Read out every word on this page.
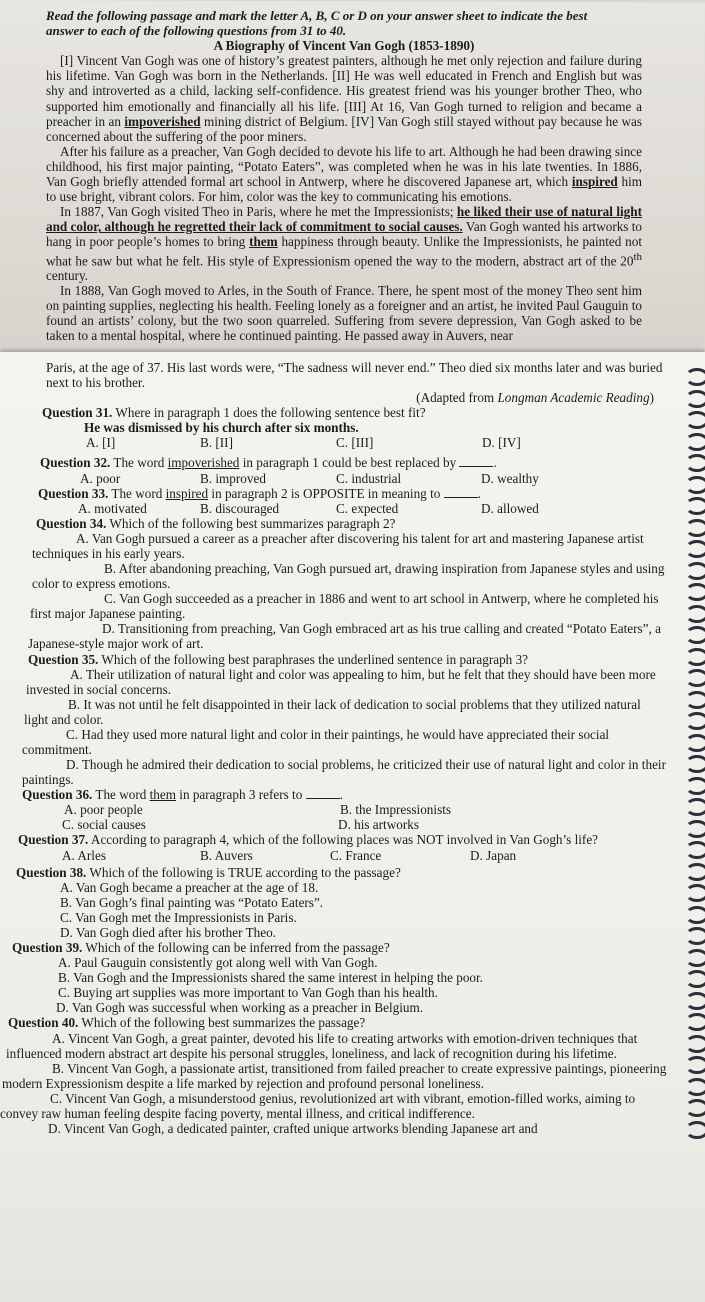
Read the following passage and mark the letter A, B, C or D on your answer sheet to indicate the best

answer to each of the following questions from 31 to 40.

A Biography of Vincent Van Gogh (1853-1890)

[I] Vincent Van Gogh was one of history’s greatest painters, although he met only rejection and failure during his lifetime. Van Gogh was born in the Netherlands. [II] He was well educated in French and English but was shy and introverted as a child, lacking self-confidence. His greatest friend was his younger brother Theo, who supported him emotionally and financially all his life. [III] At 16, Van Gogh turned to religion and became a preacher in an impoverished mining district of Belgium. [IV] Van Gogh still stayed without pay because he was concerned about the suffering of the poor miners.

After his failure as a preacher, Van Gogh decided to devote his life to art. Although he had been drawing since childhood, his first major painting, “Potato Eaters”, was completed when he was in his late twenties. In 1886, Van Gogh briefly attended formal art school in Antwerp, where he discovered Japanese art, which inspired him to use bright, vibrant colors. For him, color was the key to communicating his emotions.

In 1887, Van Gogh visited Theo in Paris, where he met the Impressionists; he liked their use of natural light and color, although he regretted their lack of commitment to social causes. Van Gogh wanted his artworks to hang in poor people’s homes to bring them happiness through beauty. Unlike the Impressionists, he painted not what he saw but what he felt. His style of Expressionism opened the way to the modern, abstract art of the 20th century.

In 1888, Van Gogh moved to Arles, in the South of France. There, he spent most of the money Theo sent him on painting supplies, neglecting his health. Feeling lonely as a foreigner and an artist, he invited Paul Gauguin to found an artists’ colony, but the two soon quarreled. Suffering from severe depression, Van Gogh asked to be taken to a mental hospital, where he continued painting. He passed away in Auvers, near

Paris, at the age of 37. His last words were, “The sadness will never end.” Theo died six months later and was buried next to his brother.

(Adapted from Longman Academic Reading)

Question 31. Where in paragraph 1 does the following sentence best fit?

He was dismissed by his church after six months.

A. [I]	B. [II]	C. [III]	D. [IV]

Question 32. The word impoverished in paragraph 1 could be best replaced by	.

A. poor	B. improved	C. industrial	D. wealthy

Question 33. The word inspired in paragraph 2 is OPPOSITE in meaning to	.

A. motivated	B. discouraged	C. expected	D. allowed

Question 34. Which of the following best summarizes paragraph 2?

A. Van Gogh pursued a career as a preacher after discovering his talent for art and mastering Japanese artist techniques in his early years.

B. After abandoning preaching, Van Gogh pursued art, drawing inspiration from Japanese styles and using color to express emotions.

C. Van Gogh succeeded as a preacher in 1886 and went to art school in Antwerp, where he completed his first major Japanese painting.

D. Transitioning from preaching, Van Gogh embraced art as his true calling and created “Potato Eaters”, a Japanese-style major work of art.

Question 35. Which of the following best paraphrases the underlined sentence in paragraph 3?

A. Their utilization of natural light and color was appealing to him, but he felt that they should have been more invested in social concerns.

B. It was not until he felt disappointed in their lack of dedication to social problems that they utilized natural light and color.

C. Had they used more natural light and color in their paintings, he would have appreciated their social commitment.

D. Though he admired their dedication to social problems, he criticized their use of natural light and color in their paintings.

Question 36. The word them in paragraph 3 refers to	.

A. poor people	B. the Impressionists
C. social causes	D. his artworks

Question 37. According to paragraph 4, which of the following places was NOT involved in Van Gogh’s life?

A. Arles	B. Auvers	C. France	D. Japan

Question 38. Which of the following is TRUE according to the passage?

A. Van Gogh became a preacher at the age of 18.

B. Van Gogh’s final painting was “Potato Eaters”.

C. Van Gogh met the Impressionists in Paris.

D. Van Gogh died after his brother Theo.

Question 39. Which of the following can be inferred from the passage?

A. Paul Gauguin consistently got along well with Van Gogh.

B. Van Gogh and the Impressionists shared the same interest in helping the poor.

C. Buying art supplies was more important to Van Gogh than his health.

D. Van Gogh was successful when working as a preacher in Belgium.

Question 40. Which of the following best summarizes the passage?

A. Vincent Van Gogh, a great painter, devoted his life to creating artworks with emotion-driven techniques that influenced modern abstract art despite his personal struggles, loneliness, and lack of recognition during his lifetime.

B. Vincent Van Gogh, a passionate artist, transitioned from failed preacher to create expressive paintings, pioneering modern Expressionism despite a life marked by rejection and profound personal loneliness.

C. Vincent Van Gogh, a misunderstood genius, revolutionized art with vibrant, emotion-filled works, aiming to convey raw human feeling despite facing poverty, mental illness, and critical indifference.

D. Vincent Van Gogh, a dedicated painter, crafted unique artworks blending Japanese art and
